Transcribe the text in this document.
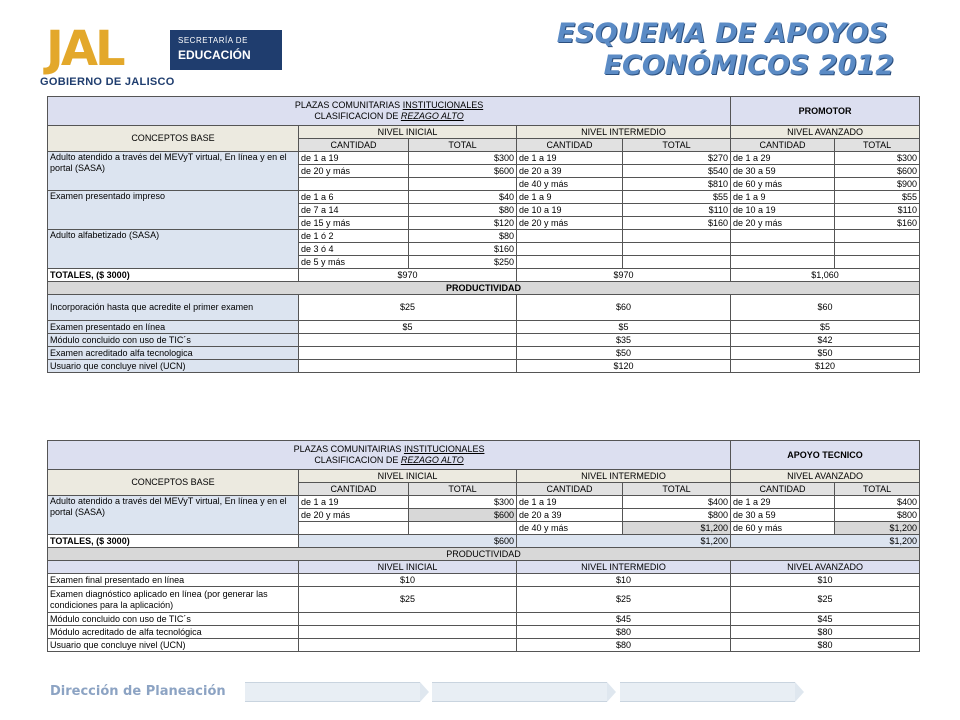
JAL	SECRETARÍA DE
EDUCACIÓN
GOBIERNO DE JALISCO
ESQUEMA DE APOYOS
ECONÓMICOS 2012
PLAZAS COMUNITARIAS INSTITUCIONALES
CLASIFICACION DE REZAGO ALTO					PROMOTOR	
CONCEPTOS BASE	NIVEL INICIAL		NIVEL INTERMEDIO		NIVEL AVANZADO	
	CANTIDAD	TOTAL	CANTIDAD	TOTAL	CANTIDAD	TOTAL
Adulto atendido a través del MEVyT virtual, En línea y en el portal (SASA)	de 1 a 19	$300	de 1 a 19	$270	de 1 a 29	$300
	de 20 y más	$600	de 20 a 39	$540	de 30 a 59	$600
			de 40 y más	$810	de 60 y más	$900
Examen presentado impreso	de 1 a 6	$40	de 1 a 9	$55	de 1 a 9	$55
	de 7 a 14	$80	de 10 a 19	$110	de 10 a 19	$110
	de 15 y más	$120	de 20 y más	$160	de 20 y más	$160
Adulto alfabetizado (SASA)	de 1 ó 2	$80				
	de 3 ó 4	$160				
	de 5 y más	$250				
TOTALES, ($ 3000)	$970		$970		$1,060	
PRODUCTIVIDAD						
Incorporación hasta que acredite el primer examen	$25		$60		$60	
Examen presentado en línea	$5		$5		$5	
Módulo concluido con uso de TIC´s			$35		$42	
Examen acreditado alfa tecnologica			$50		$50	
Usuario que concluye nivel (UCN)			$120		$120	
PLAZAS COMUNITAIRIAS INSTITUCIONALES
CLASIFICACION DE REZAGO ALTO					APOYO TECNICO	
CONCEPTOS BASE	NIVEL INICIAL		NIVEL INTERMEDIO		NIVEL AVANZADO	
	CANTIDAD	TOTAL	CANTIDAD	TOTAL	CANTIDAD	TOTAL
Adulto atendido a través del MEVyT virtual, En línea y en el portal (SASA)	de 1 a 19	$300	de 1 a 19	$400	de 1 a 29	$400
	de 20 y más	$600	de 20 a 39	$800	de 30 a 59	$800
			de 40 y más	$1,200	de 60 y más	$1,200
TOTALES, ($ 3000)	$600		$1,200		$1,200	
PRODUCTIVIDAD						
	NIVEL INICIAL		NIVEL INTERMEDIO		NIVEL AVANZADO	
Examen final presentado en línea	$10		$10		$10	
Examen diagnóstico aplicado en línea (por generar las condiciones para la aplicación)	$25		$25		$25	
Módulo concluido con uso de TIC´s			$45		$45	
Módulo acreditado de alfa tecnológica			$80		$80	
Usuario que concluye nivel (UCN)			$80		$80	
Dirección de Planeación
